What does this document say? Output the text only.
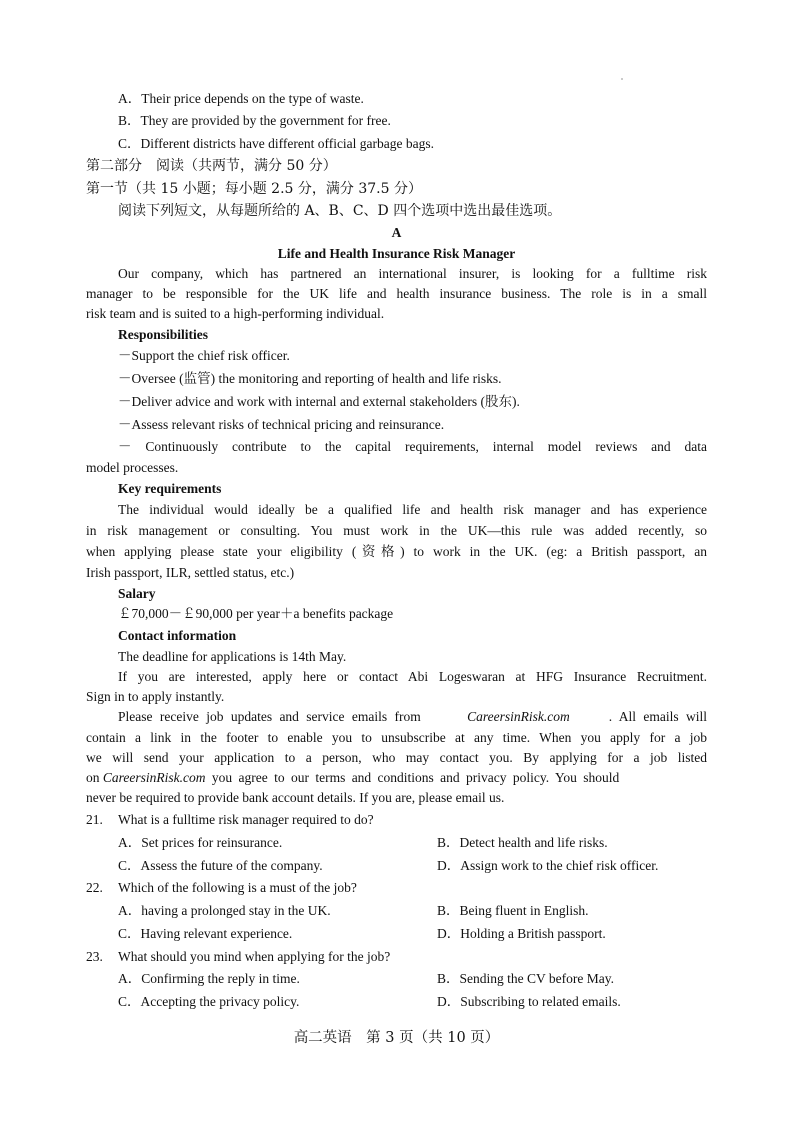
A．Their price depends on the type of waste.
B．They are provided by the government for free.
C．Different districts have different official garbage bags.
第二部分　阅读（共两节，满分 50 分）
第一节（共 15 小题；每小题 2.5 分，满分 37.5 分）
阅读下列短文，从每题所给的 A、B、C、D 四个选项中选出最佳选项。
A
Life and Health Insurance Risk Manager
Our company, which has partnered an international insurer, is looking for a fulltime risk
manager to be responsible for the UK life and health insurance business. The role is in a small
risk team and is suited to a high-performing individual.
Responsibilities
－Support the chief risk officer.
－Oversee (监管) the monitoring and reporting of health and life risks.
－Deliver advice and work with internal and external stakeholders (股东).
－Assess relevant risks of technical pricing and reinsurance.
－ Continuously contribute to the capital requirements, internal model reviews and data
model processes.
Key requirements
The individual would ideally be a qualified life and health risk manager and has experience
in risk management or consulting. You must work in the UK—this rule was added recently, so
when applying please state your eligibility (资格) to work in the UK. (eg: a British passport, an
Irish passport, ILR, settled status, etc.)
Salary
￡70,000－￡90,000 per year＋a benefits package
Contact information
The deadline for applications is 14th May.
If you are interested, apply here or contact Abi Logeswaran at HFG Insurance Recruitment.
Sign in to apply instantly.
Please receive job updates and service emails from	CareersinRisk.com	. All emails will
contain a link in the footer to enable you to unsubscribe at any time. When you apply for a job
we will send your application to a person, who may contact you. By applying for a job listed
on CareersinRisk.com you agree to our terms and conditions and privacy policy. You should
never be required to provide bank account details. If you are, please email us.
21. What is a fulltime risk manager required to do?
A．Set prices for reinsurance.	B．Detect health and life risks.
C．Assess the future of the company.	D．Assign work to the chief risk officer.
22. Which of the following is a must of the job?
A．having a prolonged stay in the UK.	B．Being fluent in English.
C．Having relevant experience.	D．Holding a British passport.
23. What should you mind when applying for the job?
A．Confirming the reply in time.	B．Sending the CV before May.
C．Accepting the privacy policy.	D．Subscribing to related emails.
高二英语　第 3 页（共 10 页）
